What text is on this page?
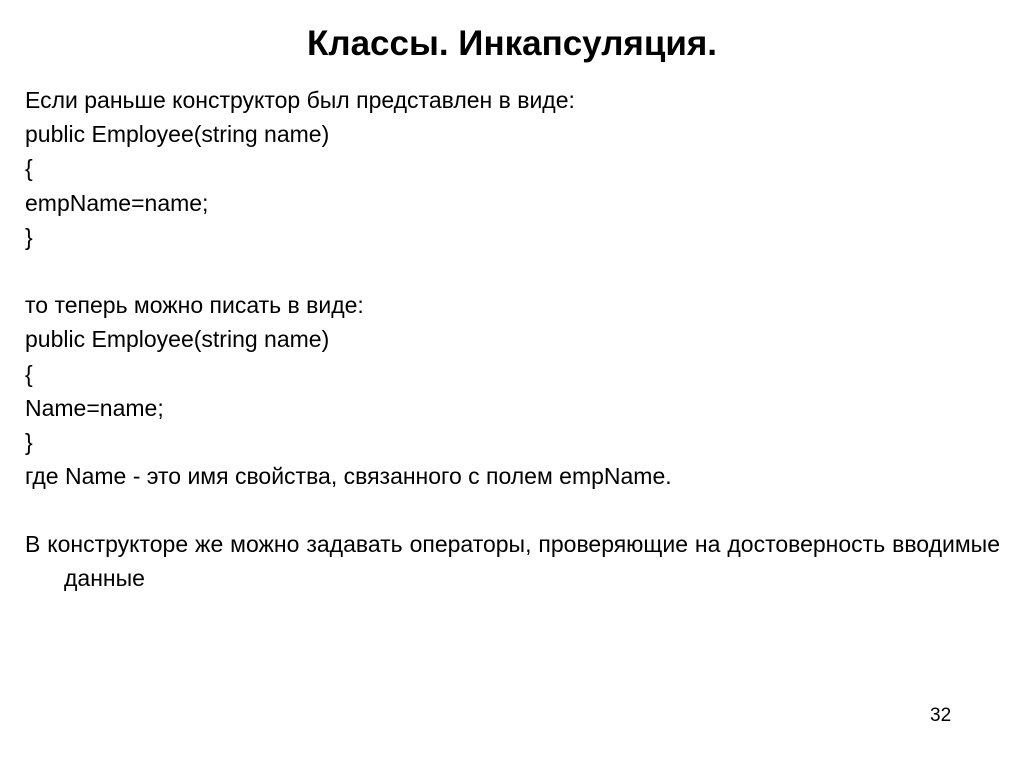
Классы. Инкапсуляция.
Если раньше конструктор был представлен в виде:
public Employee(string name)
{
empName=name;
}
то теперь можно писать в виде:
public Employee(string name)
{
Name=name;
}
где Name - это имя свойства, связанного с полем empName.
В конструкторе же можно задавать операторы, проверяющие на достоверность вводимые данные
32
